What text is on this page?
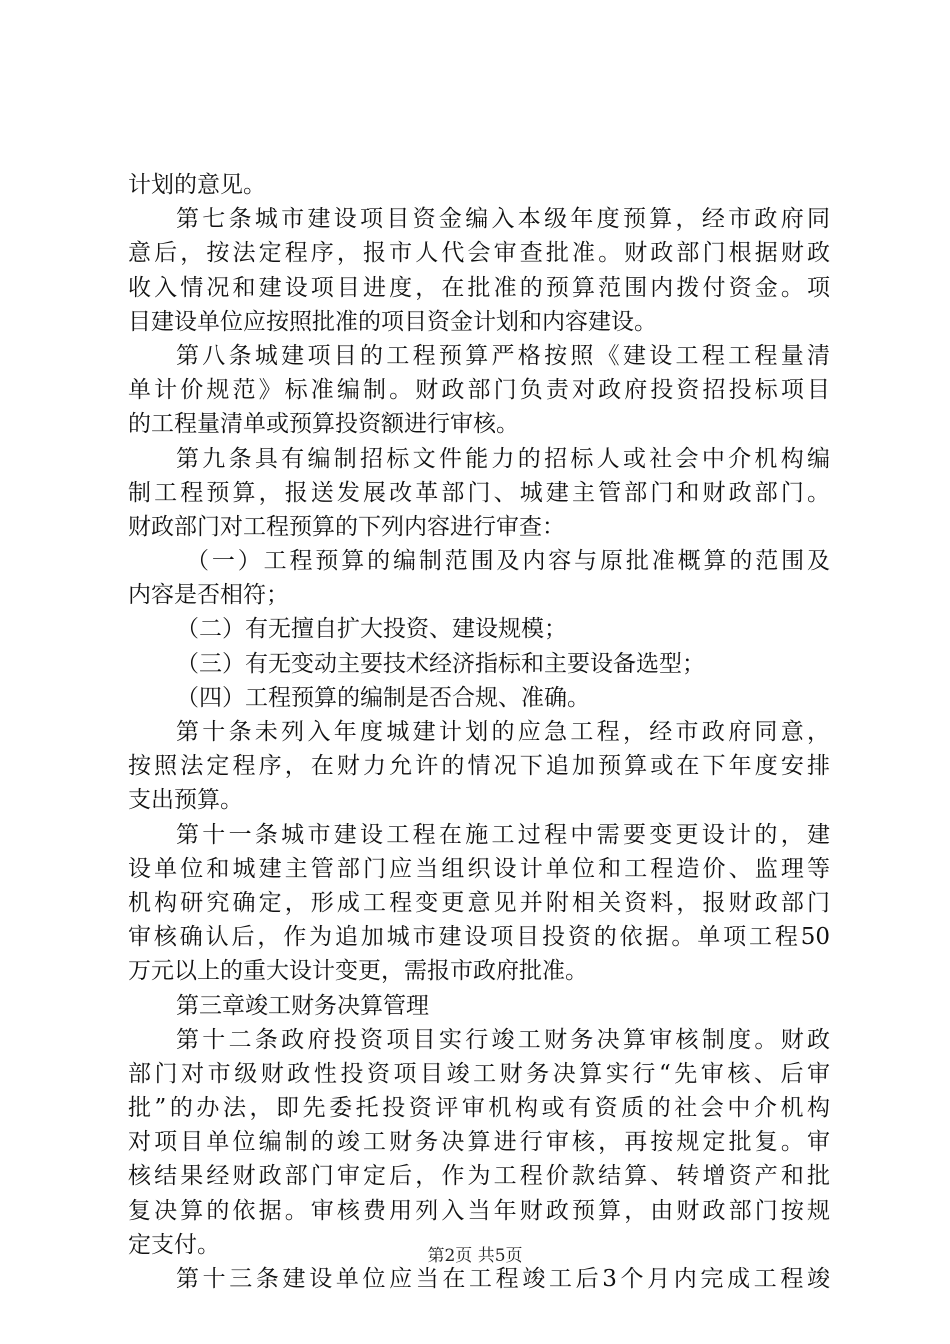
计划的意见。
第七条城市建设项目资金编入本级年度预算，经市政府同
意后，按法定程序，报市人代会审查批准。财政部门根据财政
收入情况和建设项目进度，在批准的预算范围内拨付资金。项
目建设单位应按照批准的项目资金计划和内容建设。
第八条城建项目的工程预算严格按照《建设工程工程量清
单计价规范》标准编制。财政部门负责对政府投资招投标项目
的工程量清单或预算投资额进行审核。
第九条具有编制招标文件能力的招标人或社会中介机构编
制工程预算，报送发展改革部门、城建主管部门和财政部门。
财政部门对工程预算的下列内容进行审查：
（一）工程预算的编制范围及内容与原批准概算的范围及
内容是否相符；
（二）有无擅自扩大投资、建设规模；
（三）有无变动主要技术经济指标和主要设备选型；
（四）工程预算的编制是否合规、准确。
第十条未列入年度城建计划的应急工程，经市政府同意，
按照法定程序，在财力允许的情况下追加预算或在下年度安排
支出预算。
第十一条城市建设工程在施工过程中需要变更设计的，建
设单位和城建主管部门应当组织设计单位和工程造价、监理等
机构研究确定，形成工程变更意见并附相关资料，报财政部门
审核确认后，作为追加城市建设项目投资的依据。单项工程50
万元以上的重大设计变更，需报市政府批准。
第三章竣工财务决算管理
第十二条政府投资项目实行竣工财务决算审核制度。财政
部门对市级财政性投资项目竣工财务决算实行“先审核、后审
批”的办法，即先委托投资评审机构或有资质的社会中介机构
对项目单位编制的竣工财务决算进行审核，再按规定批复。审
核结果经财政部门审定后，作为工程价款结算、转增资产和批
复决算的依据。审核费用列入当年财政预算，由财政部门按规
定支付。
第十三条建设单位应当在工程竣工后3个月内完成工程竣
第2页 共5页
